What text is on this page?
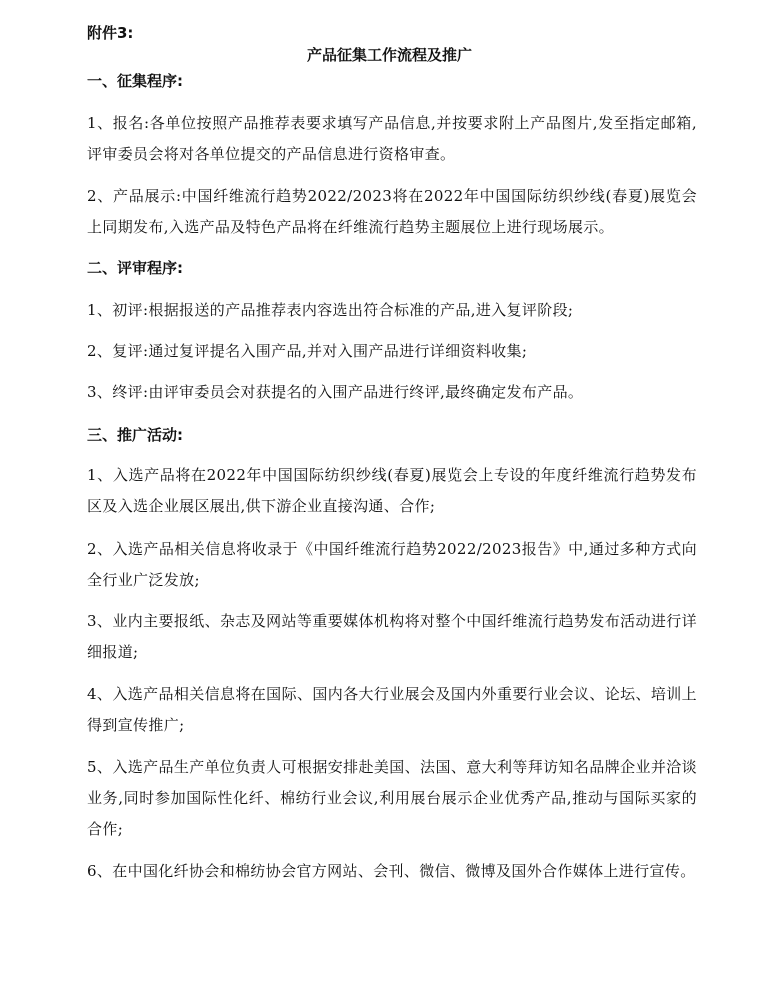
附件3:
产品征集工作流程及推广
一、征集程序:
1、报名:各单位按照产品推荐表要求填写产品信息,并按要求附上产品图片,发至指定邮箱,评审委员会将对各单位提交的产品信息进行资格审查。
2、产品展示:中国纤维流行趋势2022/2023将在2022年中国国际纺织纱线(春夏)展览会上同期发布,入选产品及特色产品将在纤维流行趋势主题展位上进行现场展示。
二、评审程序:
1、初评:根据报送的产品推荐表内容选出符合标准的产品,进入复评阶段;
2、复评:通过复评提名入围产品,并对入围产品进行详细资料收集;
3、终评:由评审委员会对获提名的入围产品进行终评,最终确定发布产品。
三、推广活动:
1、入选产品将在2022年中国国际纺织纱线(春夏)展览会上专设的年度纤维流行趋势发布区及入选企业展区展出,供下游企业直接沟通、合作;
2、入选产品相关信息将收录于《中国纤维流行趋势2022/2023报告》中,通过多种方式向全行业广泛发放;
3、业内主要报纸、杂志及网站等重要媒体机构将对整个中国纤维流行趋势发布活动进行详细报道;
4、入选产品相关信息将在国际、国内各大行业展会及国内外重要行业会议、论坛、培训上得到宣传推广;
5、入选产品生产单位负责人可根据安排赴美国、法国、意大利等拜访知名品牌企业并洽谈业务,同时参加国际性化纤、棉纺行业会议,利用展台展示企业优秀产品,推动与国际买家的合作;
6、在中国化纤协会和棉纺协会官方网站、会刊、微信、微博及国外合作媒体上进行宣传。
